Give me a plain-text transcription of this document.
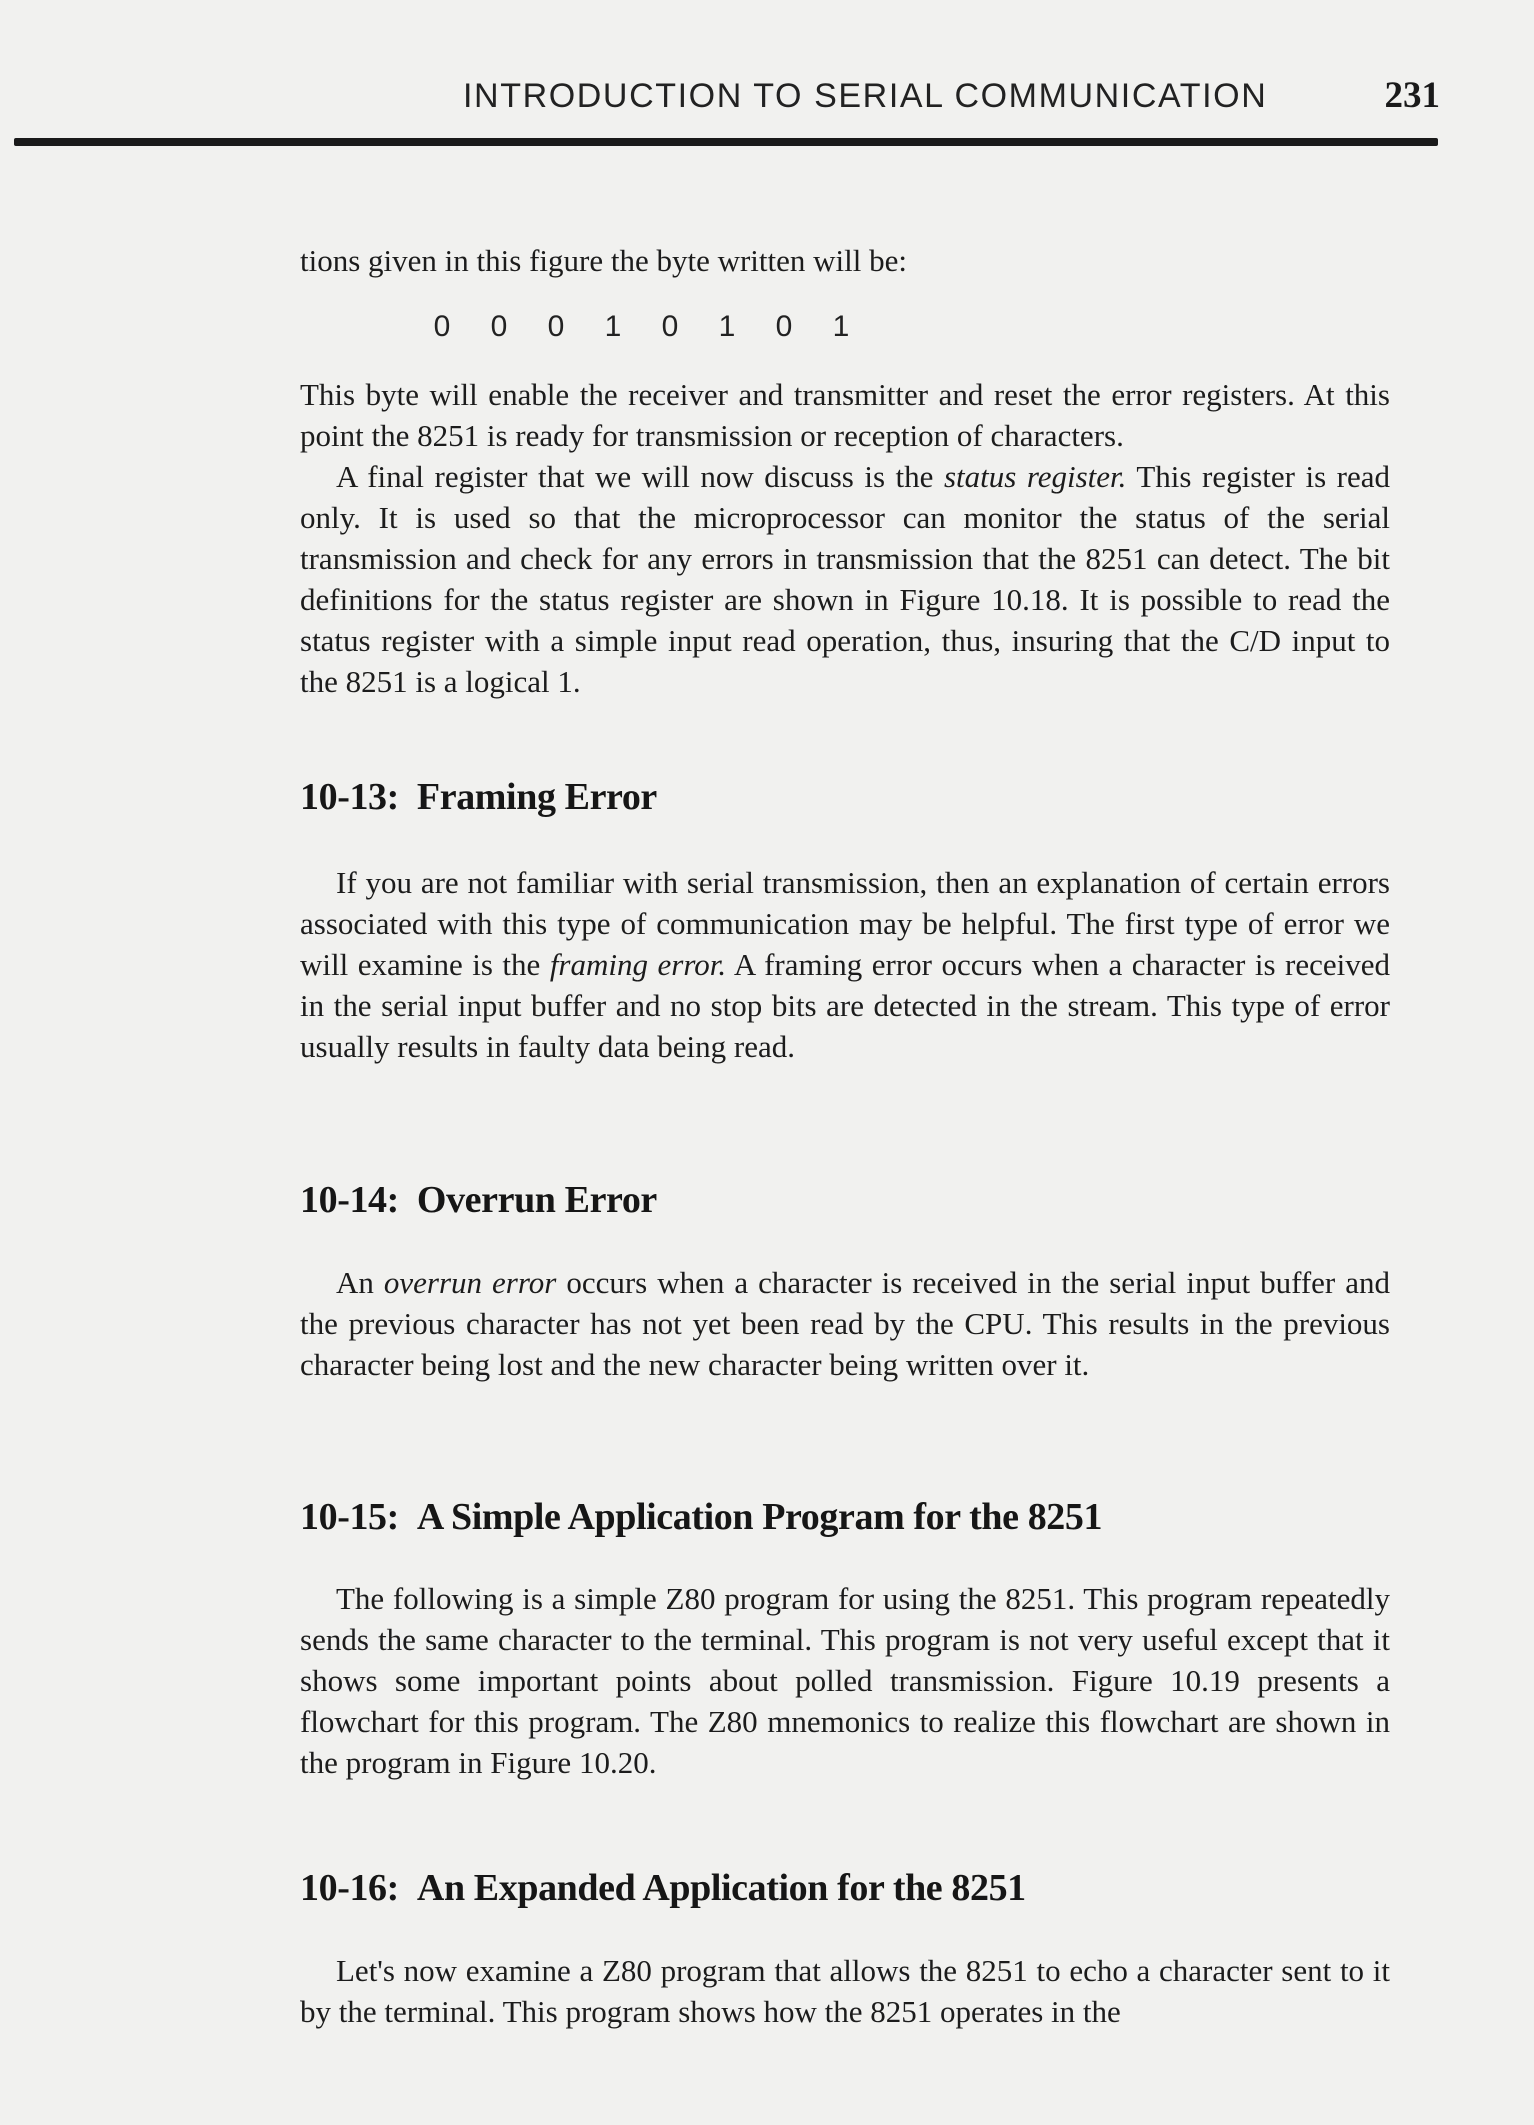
INTRODUCTION TO SERIAL COMMUNICATION	231

tions given in this figure the byte written will be:

0 0 0 1 0 1 0 1

This byte will enable the receiver and transmitter and reset the error registers. At this point the 8251 is ready for transmission or reception of characters.

A final register that we will now discuss is the status register. This register is read only. It is used so that the microprocessor can monitor the status of the serial transmission and check for any errors in transmission that the 8251 can detect. The bit definitions for the status register are shown in Figure 10.18. It is possible to read the status register with a simple input read operation, thus, insuring that the C/D input to the 8251 is a logical 1.

10-13: Framing Error

If you are not familiar with serial transmission, then an explanation of certain errors associated with this type of communication may be helpful. The first type of error we will examine is the framing error. A framing error occurs when a character is received in the serial input buffer and no stop bits are detected in the stream. This type of error usually results in faulty data being read.

10-14: Overrun Error

An overrun error occurs when a character is received in the serial input buffer and the previous character has not yet been read by the CPU. This results in the previous character being lost and the new character being written over it.

10-15: A Simple Application Program for the 8251

The following is a simple Z80 program for using the 8251. This program repeatedly sends the same character to the terminal. This program is not very useful except that it shows some important points about polled transmission. Figure 10.19 presents a flowchart for this program. The Z80 mnemonics to realize this flowchart are shown in the program in Figure 10.20.

10-16: An Expanded Application for the 8251

Let's now examine a Z80 program that allows the 8251 to echo a character sent to it by the terminal. This program shows how the 8251 operates in the
